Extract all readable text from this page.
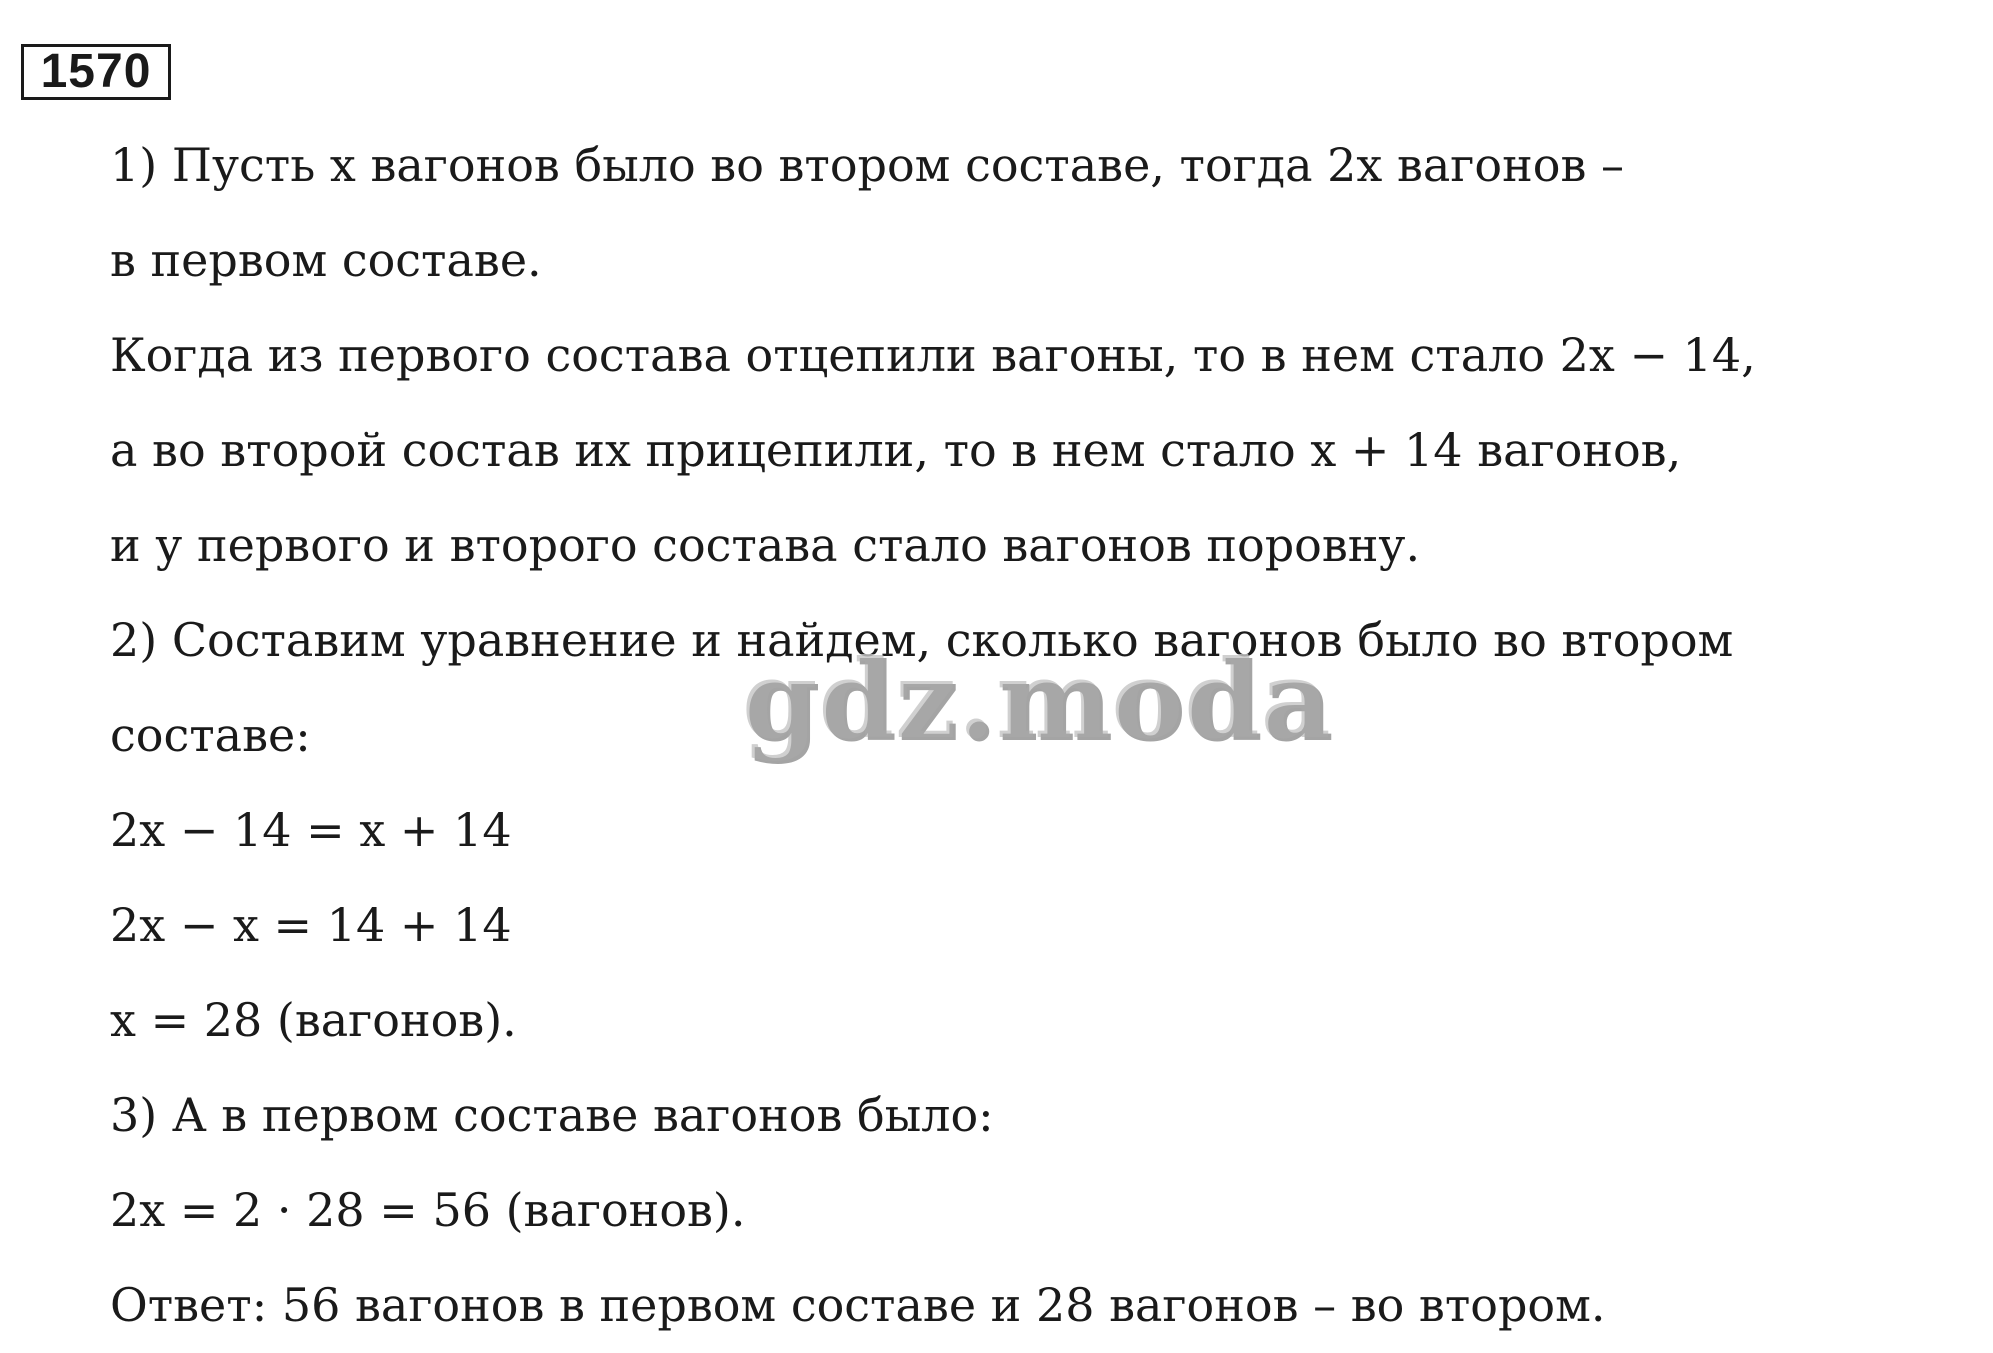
1570
1) Пусть x вагонов было во втором составе, тогда 2x вагонов –
в первом составе.
Когда из первого состава отцепили вагоны, то в нем стало 2x − 14,
а во второй состав их прицепили, то в нем стало x + 14 вагонов,
и у первого и второго состава стало вагонов поровну.
2) Составим уравнение и найдем, сколько вагонов было во втором
составе:
2x − 14 = x + 14
2x − x = 14 + 14
x = 28 (вагонов).
3) А в первом составе вагонов было:
2x = 2 · 28 = 56 (вагонов).
Ответ: 56 вагонов в первом составе и 28 вагонов – во втором.
gdz.moda
